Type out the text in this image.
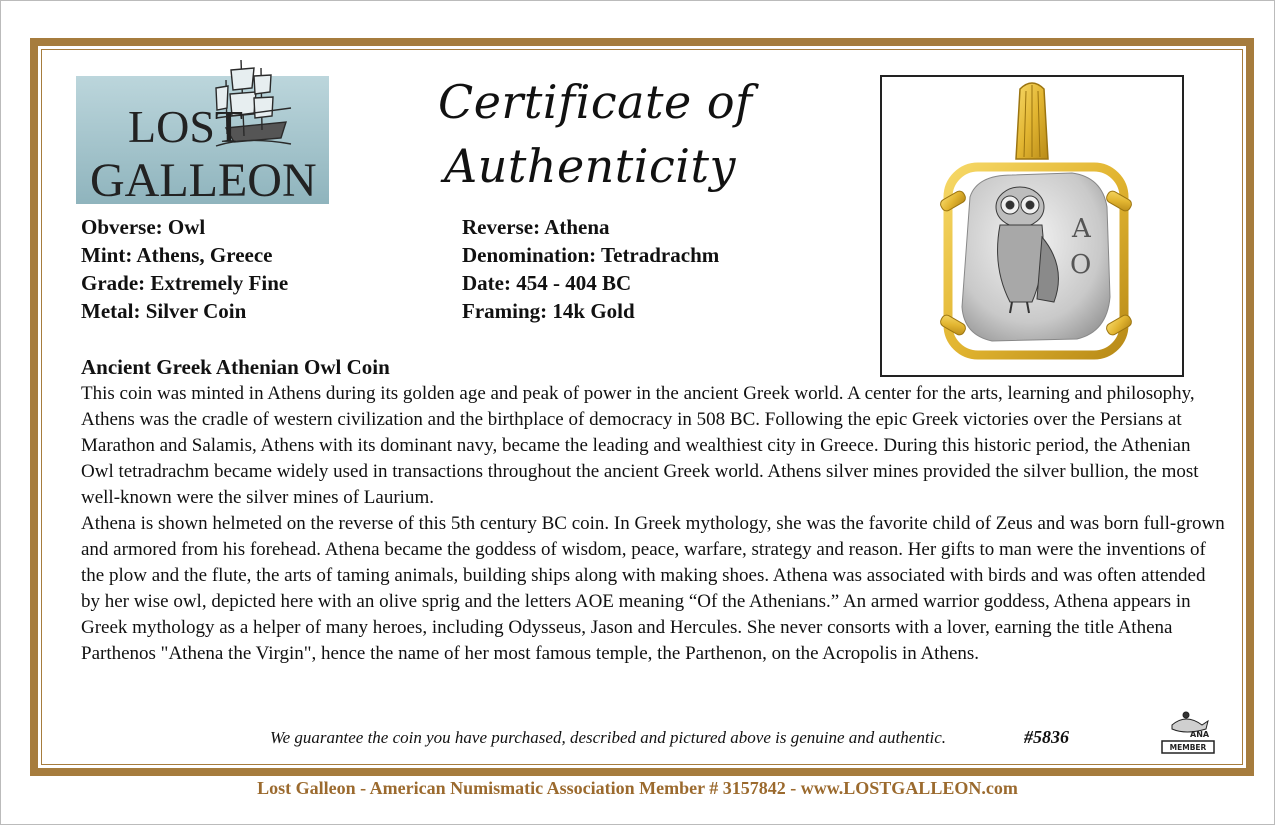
LOST
GALLEON
Certificate of
Authenticity
Obverse: Owl
Mint: Athens, Greece
Grade: Extremely Fine
Metal: Silver Coin
Reverse: Athena
Denomination: Tetradrachm
Date: 454 - 404 BC
Framing: 14k Gold
A
O
Ancient Greek Athenian Owl Coin

This coin was minted in Athens during its golden age and peak of power in the ancient Greek world. A center for the arts, learning and philosophy, Athens was the cradle of western civilization and the birthplace of democracy in 508 BC. Following the epic Greek victories over the Persians at Marathon and Salamis, Athens with its dominant navy, became the leading and wealthiest city in Greece. During this historic period, the Athenian Owl tetradrachm became widely used in transactions throughout the ancient Greek world. Athens silver mines provided the silver bullion, the most well-known were the silver mines of Laurium.

Athena is shown helmeted on the reverse of this 5th century BC coin. In Greek mythology, she was the favorite child of Zeus and was born full-grown and armored from his forehead. Athena became the goddess of wisdom, peace, warfare, strategy and reason. Her gifts to man were the inventions of the plow and the flute, the arts of taming animals, building ships along with making shoes. Athena was associated with birds and was often attended by her wise owl, depicted here with an olive sprig and the letters AOE meaning “Of the Athenians.” An armed warrior goddess, Athena appears in Greek mythology as a helper of many heroes, including Odysseus, Jason and Hercules. She never consorts with a lover, earning the title Athena Parthenos "Athena the Virgin", hence the name of her most famous temple, the Parthenon, on the Acropolis in Athens.

We guarantee the coin you have purchased, described and pictured above is genuine and authentic.	#5836	ANA
MEMBER
Lost Galleon - American Numismatic Association Member # 3157842 - www.LOSTGALLEON.com
